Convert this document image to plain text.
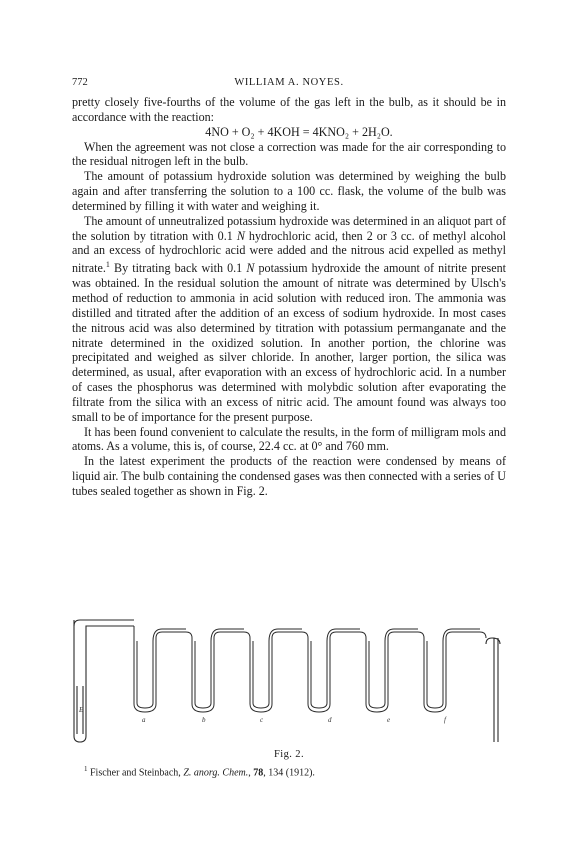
772	WILLIAM A. NOYES.

pretty closely five-fourths of the volume of the gas left in the bulb, as it should be in accordance with the reaction:

4NO + O₂ + 4KOH = 4KNO₂ + 2H₂O.

When the agreement was not close a correction was made for the air corresponding to the residual nitrogen left in the bulb.

The amount of potassium hydroxide solution was determined by weighing the bulb again and after transferring the solution to a 100 cc. flask, the volume of the bulb was determined by filling it with water and weighing it.

The amount of unneutralized potassium hydroxide was determined in an aliquot part of the solution by titration with 0.1 N hydrochloric acid, then 2 or 3 cc. of methyl alcohol and an excess of hydrochloric acid were added and the nitrous acid expelled as methyl nitrate.$^1$ By titrating back with 0.1 N potassium hydroxide the amount of nitrite present was obtained. In the residual solution the amount of nitrate was determined by Ulsch's method of reduction to ammonia in acid solution with reduced iron. The ammonia was distilled and titrated after the addition of an excess of sodium hydroxide. In most cases the nitrous acid was also determined by titration with potassium permanganate and the nitrate determined in the oxidized solution. In another portion, the chlorine was precipitated and weighed as silver chloride. In another, larger portion, the silica was determined, as usual, after evaporation with an excess of hydrochloric acid. In a number of cases the phosphorus was determined with molybdic solution after evaporating the filtrate from the silica with an excess of nitric acid. The amount found was always too small to be of importance for the present purpose.

It has been found convenient to calculate the results, in the form of milligram mols and atoms. As a volume, this is, of course, 22.4 cc. at 0° and 760 mm.

In the latest experiment the products of the reaction were condensed by means of liquid air. The bulb containing the condensed gases was then connected with a series of U tubes sealed together as shown in Fig. 2.

E
a	b	c	d	e	f
Fig. 2.
$^1$ Fischer and Steinbach, Z. anorg. Chem., 78, 134 (1912).
